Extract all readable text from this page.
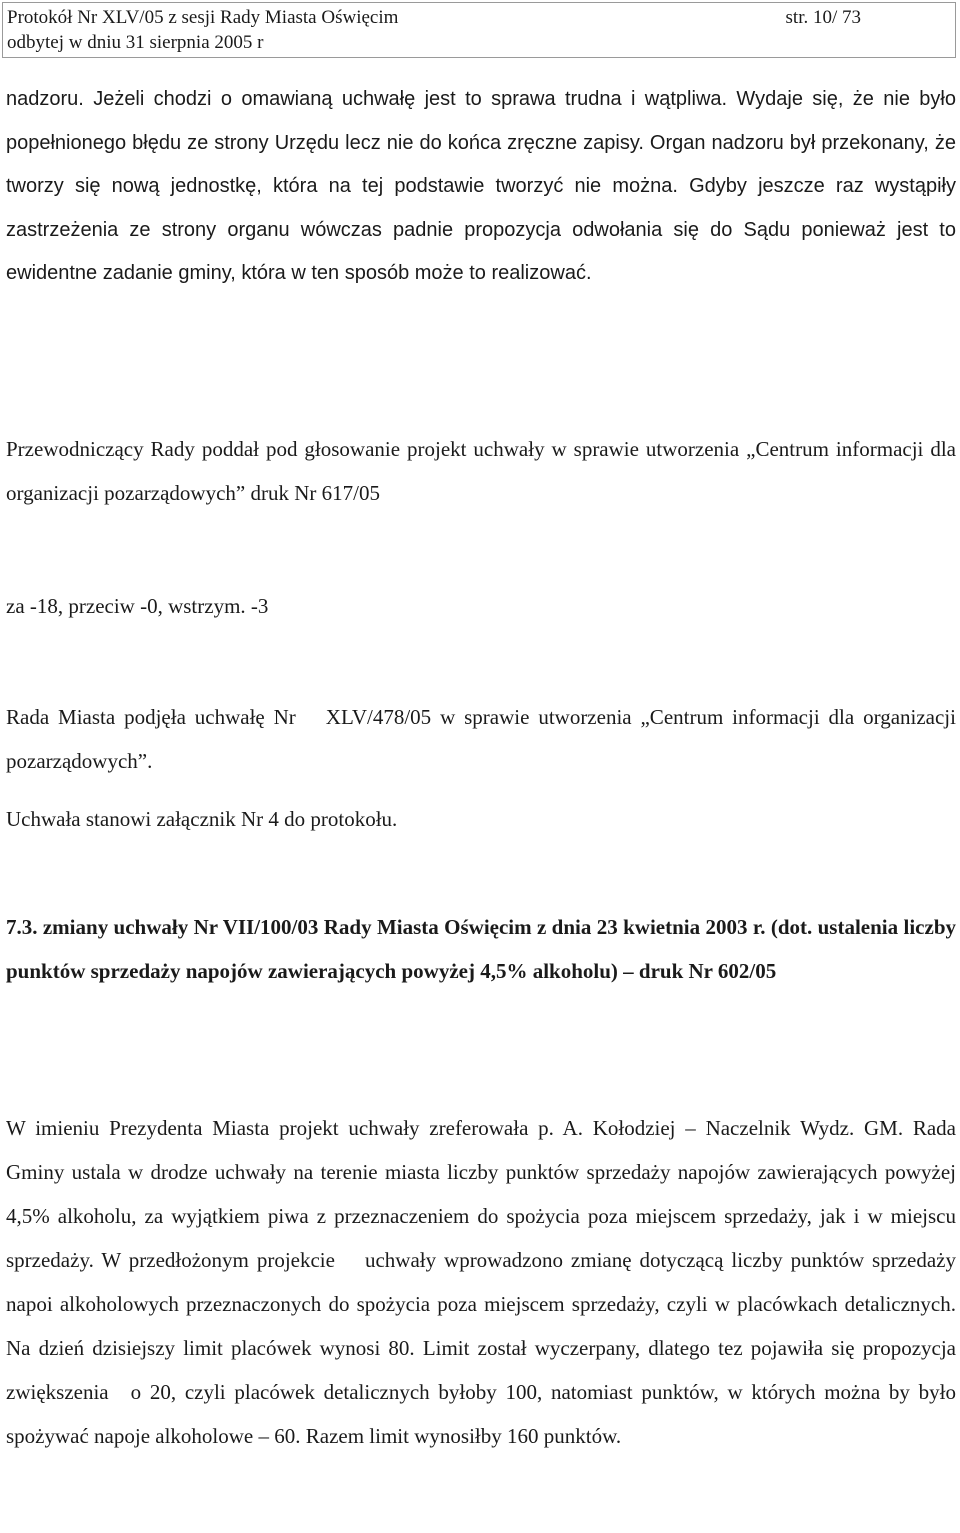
Protokół Nr XLV/05 z sesji Rady Miasta Oświęcim
odbytej w dniu 31 sierpnia 2005 r
str. 10/ 73
nadzoru. Jeżeli chodzi o omawianą uchwałę jest to sprawa trudna i wątpliwa. Wydaje się, że nie było popełnionego błędu ze strony Urzędu lecz nie do końca zręczne zapisy. Organ nadzoru był przekonany, że tworzy się nową jednostkę, która na tej podstawie tworzyć nie można. Gdyby jeszcze raz wystąpiły zastrzeżenia ze strony organu wówczas padnie propozycja odwołania się do Sądu ponieważ jest to ewidentne zadanie gminy, która w ten sposób może to realizować.
Przewodniczący Rady poddał pod głosowanie projekt uchwały w sprawie utworzenia „Centrum informacji dla organizacji pozarządowych” druk Nr 617/05
za -18, przeciw -0, wstrzym. -3
Rada Miasta podjęła uchwałę Nr XLV/478/05 w sprawie utworzenia „Centrum informacji dla organizacji pozarządowych”.
Uchwała stanowi załącznik Nr 4 do protokołu.
7.3. zmiany uchwały Nr VII/100/03 Rady Miasta Oświęcim z dnia 23 kwietnia 2003 r. (dot. ustalenia liczby punktów sprzedaży napojów zawierających powyżej 4,5% alkoholu) – druk Nr 602/05
W imieniu Prezydenta Miasta projekt uchwały zreferowała p. A. Kołodziej – Naczelnik Wydz. GM. Rada Gminy ustala w drodze uchwały na terenie miasta liczby punktów sprzedaży napojów zawierających powyżej 4,5% alkoholu, za wyjątkiem piwa z przeznaczeniem do spożycia poza miejscem sprzedaży, jak i w miejscu sprzedaży. W przedłożonym projekcie uchwały wprowadzono zmianę dotyczącą liczby punktów sprzedaży napoi alkoholowych przeznaczonych do spożycia poza miejscem sprzedaży, czyli w placówkach detalicznych. Na dzień dzisiejszy limit placówek wynosi 80. Limit został wyczerpany, dlatego tez pojawiła się propozycja zwiększenia o 20, czyli placówek detalicznych byłoby 100, natomiast punktów, w których można by było spożywać napoje alkoholowe – 60. Razem limit wynosiłby 160 punktów.
